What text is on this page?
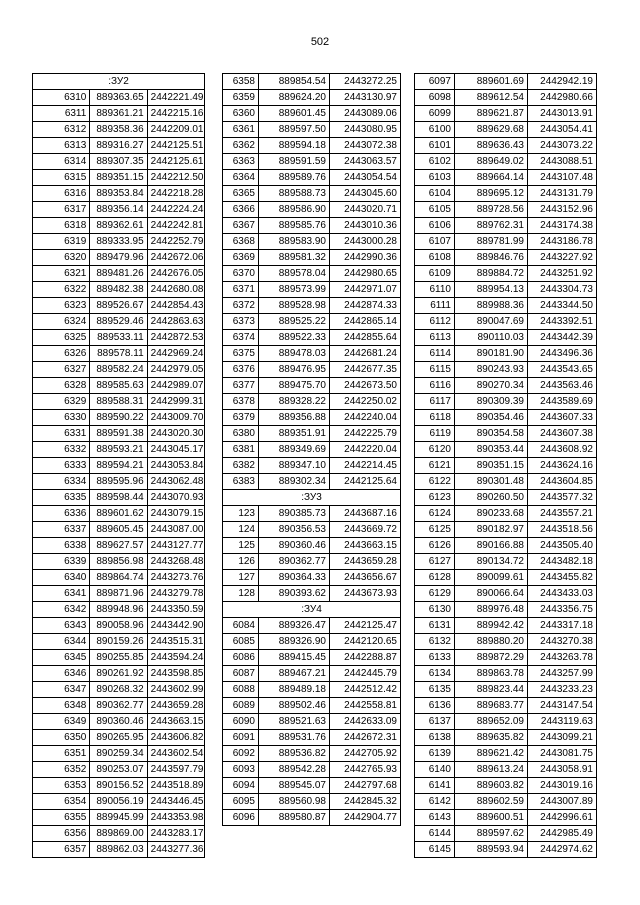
502
:ЗУ2		
6310	889363.65	2442221.49
6311	889361.21	2442215.16
6312	889358.36	2442209.01
6313	889316.27	2442125.51
6314	889307.35	2442125.61
6315	889351.15	2442212.50
6316	889353.84	2442218.28
6317	889356.14	2442224.24
6318	889362.61	2442242.81
6319	889333.95	2442252.79
6320	889479.96	2442672.06
6321	889481.26	2442676.05
6322	889482.38	2442680.08
6323	889526.67	2442854.43
6324	889529.46	2442863.63
6325	889533.11	2442872.53
6326	889578.11	2442969.24
6327	889582.24	2442979.05
6328	889585.63	2442989.07
6329	889588.31	2442999.31
6330	889590.22	2443009.70
6331	889591.38	2443020.30
6332	889593.21	2443045.17
6333	889594.21	2443053.84
6334	889595.96	2443062.48
6335	889598.44	2443070.93
6336	889601.62	2443079.15
6337	889605.45	2443087.00
6338	889627.57	2443127.77
6339	889856.98	2443268.48
6340	889864.74	2443273.76
6341	889871.96	2443279.78
6342	889948.96	2443350.59
6343	890058.96	2443442.90
6344	890159.26	2443515.31
6345	890255.85	2443594.24
6346	890261.92	2443598.85
6347	890268.32	2443602.99
6348	890362.77	2443659.28
6349	890360.46	2443663.15
6350	890265.95	2443606.82
6351	890259.34	2443602.54
6352	890253.07	2443597.79
6353	890156.52	2443518.89
6354	890056.19	2443446.45
6355	889945.99	2443353.98
6356	889869.00	2443283.17
6357	889862.03	2443277.36
6358	889854.54	2443272.25
6359	889624.20	2443130.97
6360	889601.45	2443089.06
6361	889597.50	2443080.95
6362	889594.18	2443072.38
6363	889591.59	2443063.57
6364	889589.76	2443054.54
6365	889588.73	2443045.60
6366	889586.90	2443020.71
6367	889585.76	2443010.36
6368	889583.90	2443000.28
6369	889581.32	2442990.36
6370	889578.04	2442980.65
6371	889573.99	2442971.07
6372	889528.98	2442874.33
6373	889525.22	2442865.14
6374	889522.33	2442855.64
6375	889478.03	2442681.24
6376	889476.95	2442677.35
6377	889475.70	2442673.50
6378	889328.22	2442250.02
6379	889356.88	2442240.04
6380	889351.91	2442225.79
6381	889349.69	2442220.04
6382	889347.10	2442214.45
6383	889302.34	2442125.64
:ЗУ3		
123	890385.73	2443687.16
124	890356.53	2443669.72
125	890360.46	2443663.15
126	890362.77	2443659.28
127	890364.33	2443656.67
128	890393.62	2443673.93
:ЗУ4		
6084	889326.47	2442125.47
6085	889326.90	2442120.65
6086	889415.45	2442288.87
6087	889467.21	2442445.79
6088	889489.18	2442512.42
6089	889502.46	2442558.81
6090	889521.63	2442633.09
6091	889531.76	2442672.31
6092	889536.82	2442705.92
6093	889542.28	2442765.93
6094	889545.07	2442797.68
6095	889560.98	2442845.32
6096	889580.87	2442904.77
6097	889601.69	2442942.19
6098	889612.54	2442980.66
6099	889621.87	2443013.91
6100	889629.68	2443054.41
6101	889636.43	2443073.22
6102	889649.02	2443088.51
6103	889664.14	2443107.48
6104	889695.12	2443131.79
6105	889728.56	2443152.96
6106	889762.31	2443174.38
6107	889781.99	2443186.78
6108	889846.76	2443227.92
6109	889884.72	2443251.92
6110	889954.13	2443304.73
6111	889988.36	2443344.50
6112	890047.69	2443392.51
6113	890110.03	2443442.39
6114	890181.90	2443496.36
6115	890243.93	2443543.65
6116	890270.34	2443563.46
6117	890309.39	2443589.69
6118	890354.46	2443607.33
6119	890354.58	2443607.38
6120	890353.44	2443608.92
6121	890351.15	2443624.16
6122	890301.48	2443604.85
6123	890260.50	2443577.32
6124	890233.68	2443557.21
6125	890182.97	2443518.56
6126	890166.88	2443505.40
6127	890134.72	2443482.18
6128	890099.61	2443455.82
6129	890066.64	2443433.03
6130	889976.48	2443356.75
6131	889942.42	2443317.18
6132	889880.20	2443270.38
6133	889872.29	2443263.78
6134	889863.78	2443257.99
6135	889823.44	2443233.23
6136	889683.77	2443147.54
6137	889652.09	2443119.63
6138	889635.82	2443099.21
6139	889621.42	2443081.75
6140	889613.24	2443058.91
6141	889603.82	2443019.16
6142	889602.59	2443007.89
6143	889600.51	2442996.61
6144	889597.62	2442985.49
6145	889593.94	2442974.62
